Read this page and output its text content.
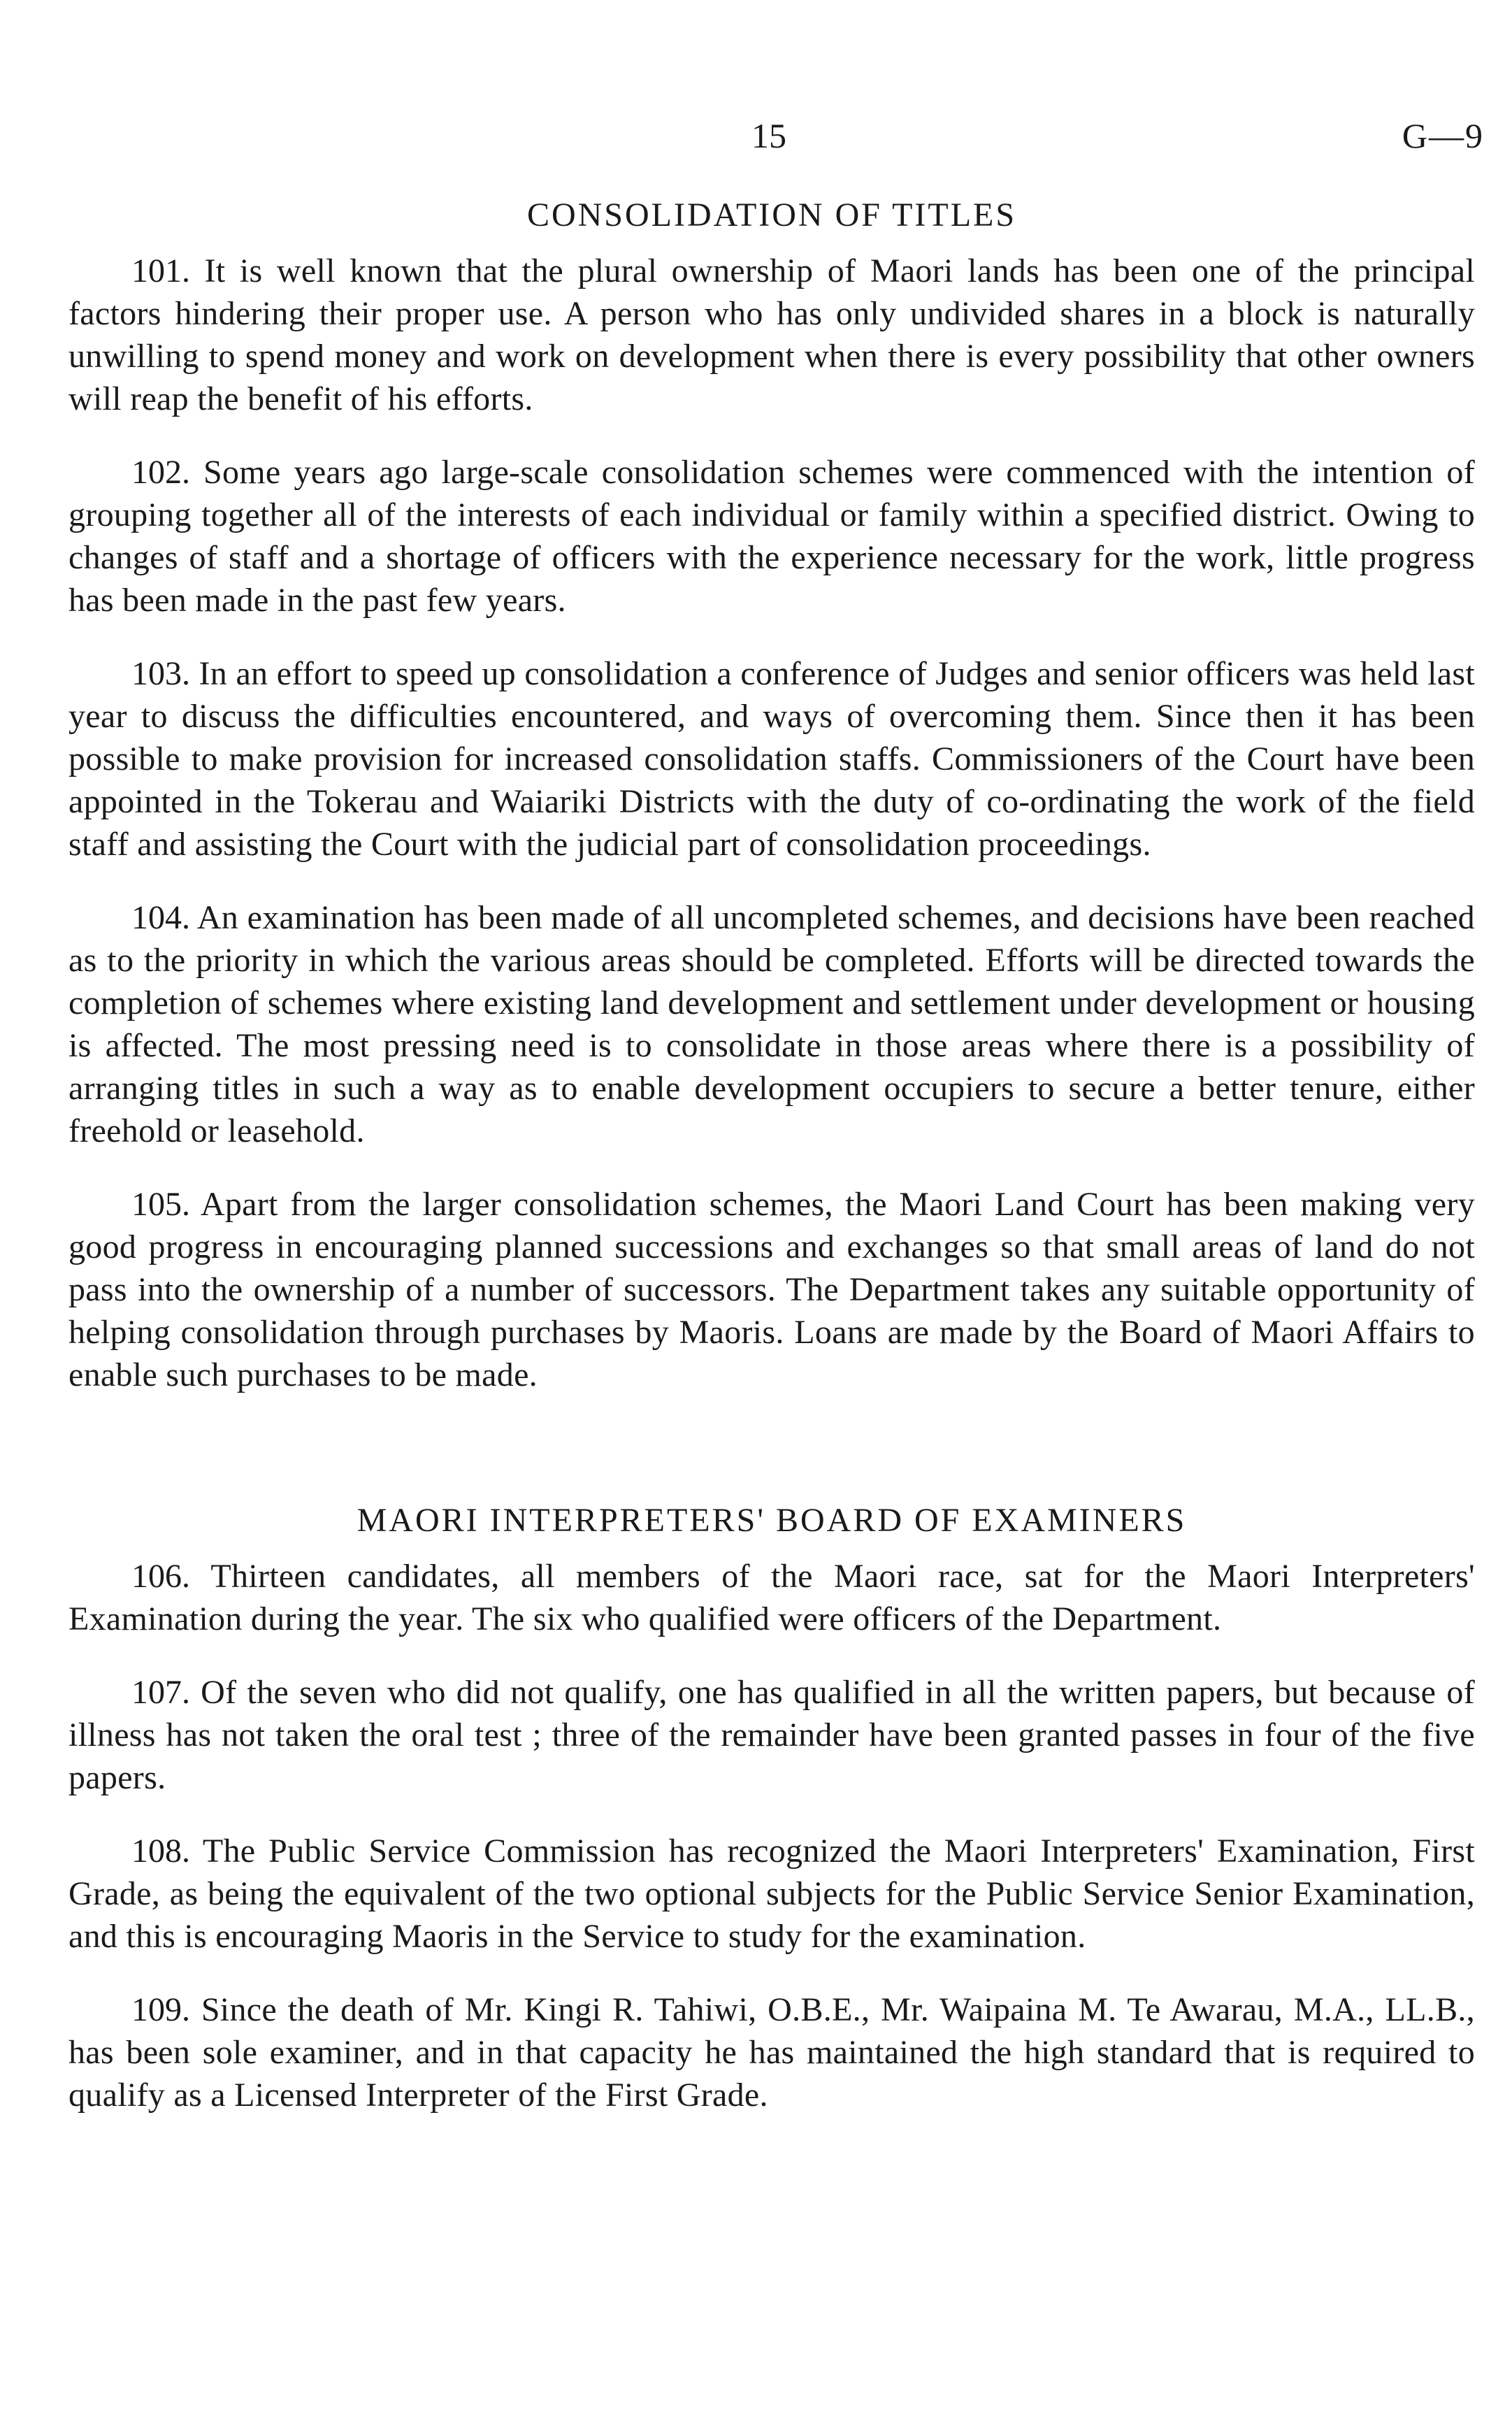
15	G—9
CONSOLIDATION OF TITLES

101. It is well known that the plural ownership of Maori lands has been one of the principal factors hindering their proper use. A person who has only undivided shares in a block is naturally unwilling to spend money and work on development when there is every possibility that other owners will reap the benefit of his efforts.

102. Some years ago large-scale consolidation schemes were commenced with the intention of grouping together all of the interests of each individual or family within a specified district. Owing to changes of staff and a shortage of officers with the experience necessary for the work, little progress has been made in the past few years.

103. In an effort to speed up consolidation a conference of Judges and senior officers was held last year to discuss the difficulties encountered, and ways of overcoming them. Since then it has been possible to make provision for increased consolidation staffs. Commissioners of the Court have been appointed in the Tokerau and Waiariki Districts with the duty of co-ordinating the work of the field staff and assisting the Court with the judicial part of consolidation proceedings.

104. An examination has been made of all uncompleted schemes, and decisions have been reached as to the priority in which the various areas should be completed. Efforts will be directed towards the completion of schemes where existing land development and settlement under development or housing is affected. The most pressing need is to consolidate in those areas where there is a possibility of arranging titles in such a way as to enable development occupiers to secure a better tenure, either freehold or leasehold.

105. Apart from the larger consolidation schemes, the Maori Land Court has been making very good progress in encouraging planned successions and exchanges so that small areas of land do not pass into the ownership of a number of successors. The Department takes any suitable opportunity of helping consolidation through purchases by Maoris. Loans are made by the Board of Maori Affairs to enable such purchases to be made.

MAORI INTERPRETERS' BOARD OF EXAMINERS

106. Thirteen candidates, all members of the Maori race, sat for the Maori Interpreters' Examination during the year. The six who qualified were officers of the Department.

107. Of the seven who did not qualify, one has qualified in all the written papers, but because of illness has not taken the oral test ; three of the remainder have been granted passes in four of the five papers.

108. The Public Service Commission has recognized the Maori Interpreters' Examination, First Grade, as being the equivalent of the two optional subjects for the Public Service Senior Examination, and this is encouraging Maoris in the Service to study for the examination.

109. Since the death of Mr. Kingi R. Tahiwi, O.B.E., Mr. Waipaina M. Te Awarau, M.A., LL.B., has been sole examiner, and in that capacity he has maintained the high standard that is required to qualify as a Licensed Interpreter of the First Grade.
